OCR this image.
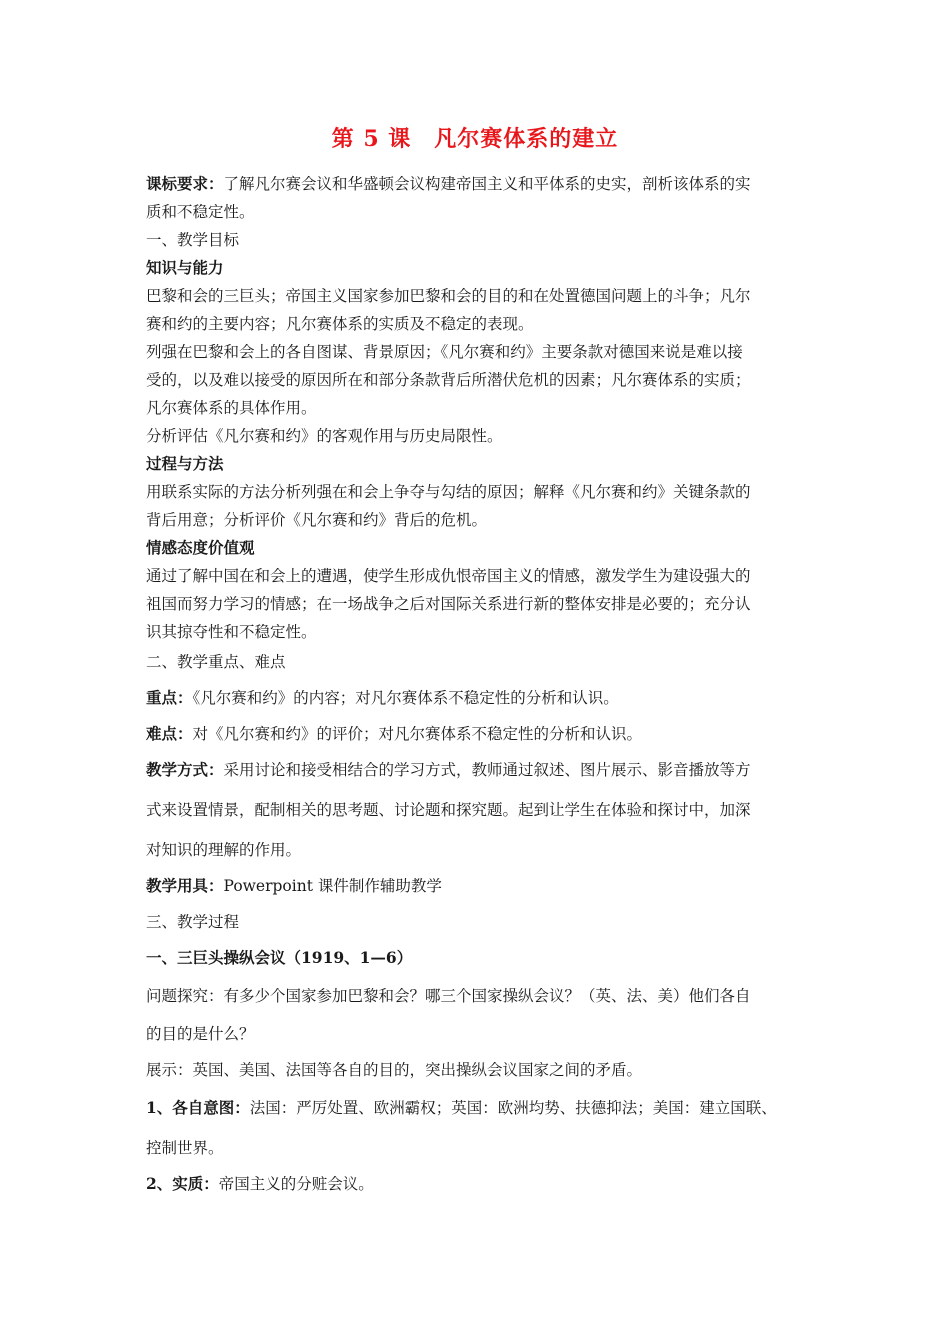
第 5 课　凡尔赛体系的建立
课标要求：了解凡尔赛会议和华盛顿会议构建帝国主义和平体系的史实，剖析该体系的实
质和不稳定性。
一、教学目标
知识与能力
巴黎和会的三巨头；帝国主义国家参加巴黎和会的目的和在处置德国问题上的斗争；凡尔
赛和约的主要内容；凡尔赛体系的实质及不稳定的表现。
列强在巴黎和会上的各自图谋、背景原因；《凡尔赛和约》主要条款对德国来说是难以接
受的，以及难以接受的原因所在和部分条款背后所潜伏危机的因素；凡尔赛体系的实质；
凡尔赛体系的具体作用。
分析评估《凡尔赛和约》的客观作用与历史局限性。
过程与方法
用联系实际的方法分析列强在和会上争夺与勾结的原因；解释《凡尔赛和约》关键条款的
背后用意；分析评价《凡尔赛和约》背后的危机。
情感态度价值观
通过了解中国在和会上的遭遇，使学生形成仇恨帝国主义的情感，激发学生为建设强大的
祖国而努力学习的情感；在一场战争之后对国际关系进行新的整体安排是必要的；充分认
识其掠夺性和不稳定性。
二、教学重点、难点
重点：《凡尔赛和约》的内容；对凡尔赛体系不稳定性的分析和认识。
难点：对《凡尔赛和约》的评价；对凡尔赛体系不稳定性的分析和认识。
教学方式：采用讨论和接受相结合的学习方式，教师通过叙述、图片展示、影音播放等方
式来设置情景，配制相关的思考题、讨论题和探究题。起到让学生在体验和探讨中，加深
对知识的理解的作用。
教学用具：Powerpoint 课件制作辅助教学
三、教学过程
一、三巨头操纵会议（1919、1—6）
问题探究：有多少个国家参加巴黎和会？哪三个国家操纵会议？（英、法、美）他们各自
的目的是什么？
展示：英国、美国、法国等各自的目的，突出操纵会议国家之间的矛盾。
1、各自意图：法国：严厉处置、欧洲霸权；英国：欧洲均势、扶德抑法；美国：建立国联、
控制世界。
2、实质：帝国主义的分赃会议。
